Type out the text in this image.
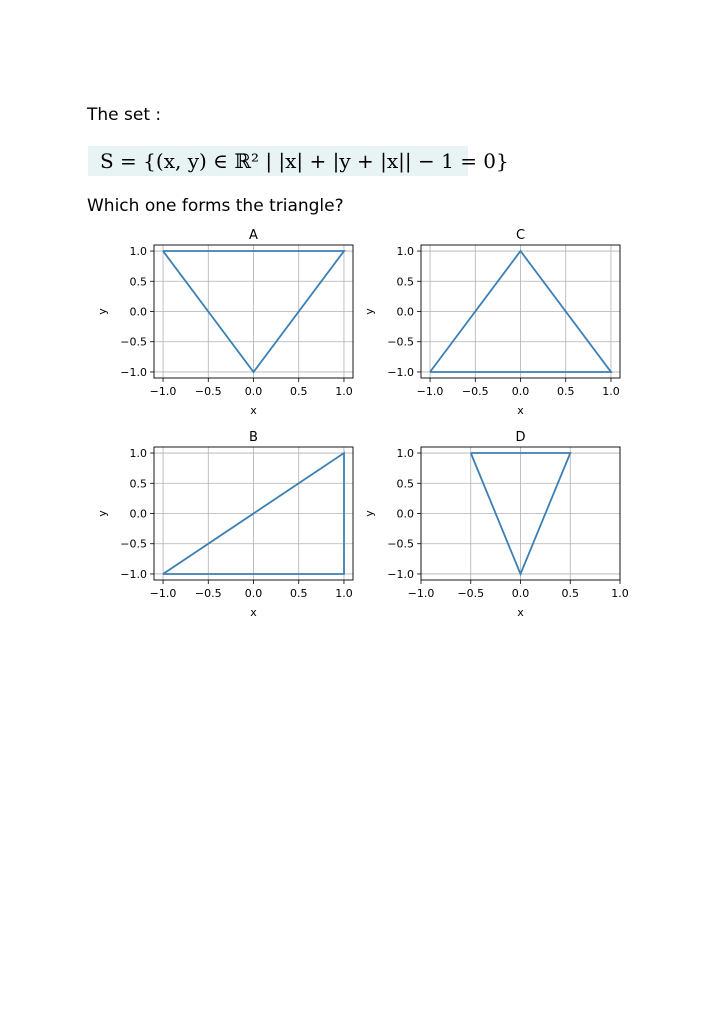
The set :
S = {(x, y) ∈ ℝ² | |x| + |y + |x|| − 1 = 0}
Which one forms the triangle?
−1.0 −0.5 0.0	0.5	1.0
1.0
0.5
0.0
−0.5
−1.0
A
x
y
−1.0 −0.5 0.0	0.5	1.0
1.0
0.5
0.0
−0.5
−1.0
C
x
y
−1.0 −0.5 0.0	0.5	1.0
1.0
0.5
0.0
−0.5
−1.0
B
x
y
−1.0 −0.5	0.0	0.5	1.0
1.0
0.5
0.0
−0.5
−1.0
D
x
y
